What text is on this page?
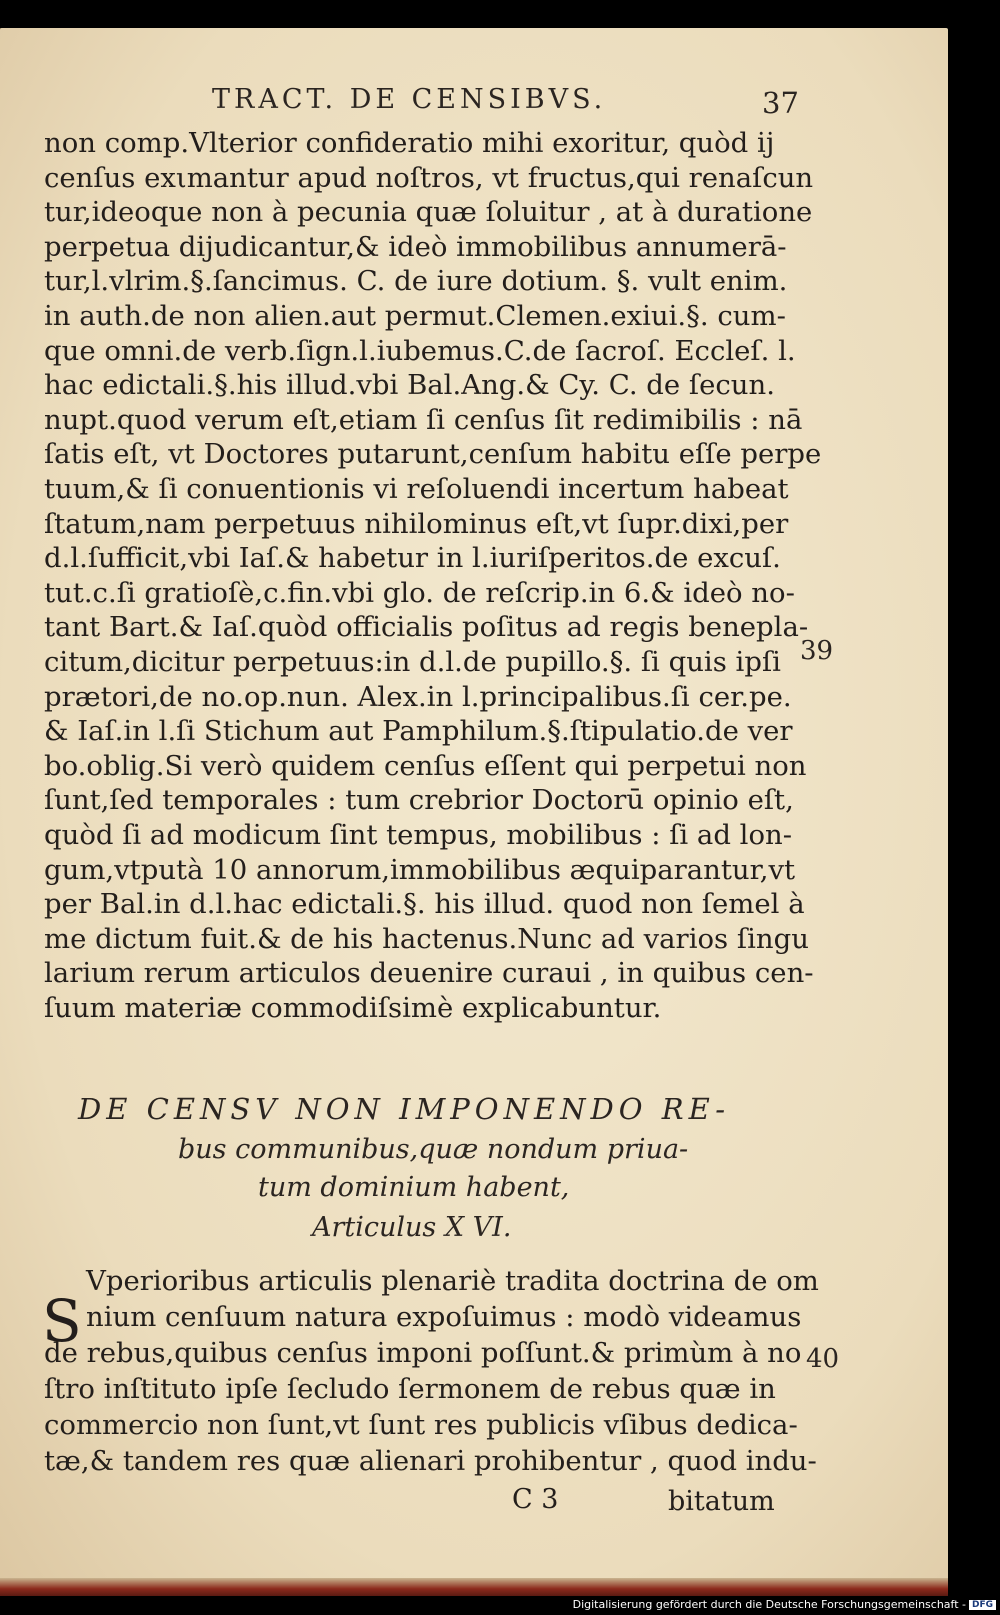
TRACT. DE CENSIBVS.	37
non comp.Vlterior confideratio mihi exoritur, quòd ij
cenſus exιmantur apud noſtros, vt fructus,qui renaſcun
tur,ideoque non à pecunia quæ ſoluitur , at à duratione
perpetua dijudicantur,& ideò immobilibus annumerā-
tur,l.vlrim.§.ſancimus. C. de iure dotium. §. vult enim.
in auth.de non alien.aut permut.Clemen.exiui.§. cum-
que omni.de verb.ſign.l.iubemus.C.de ſacroſ. Eccleſ. l.
hac edictali.§.his illud.vbi Bal.Ang.& Cy. C. de ſecun.
nupt.quod verum eſt,etiam ſi cenſus ſit redimibilis : nā
ſatis eſt, vt Doctores putarunt,cenſum habitu eſſe perpe
tuum,& ſi conuentionis vi reſoluendi incertum habeat
ſtatum,nam perpetuus nihilominus eſt,vt ſupr.dixi,per
d.l.ſufficit,vbi Iaſ.& habetur in l.iuriſperitos.de excuſ.
tut.c.ſi gratioſè,c.fin.vbi glo. de reſcrip.in 6.& ideò no-
tant Bart.& Iaſ.quòd officialis poſitus ad regis benepla-
citum,dicitur perpetuus:in d.l.de pupillo.§. ſi quis ipſi
prætori,de no.op.nun. Alex.in l.principalibus.ſi cer.pe.
& Iaſ.in l.ſi Stichum aut Pamphilum.§.ſtipulatio.de ver
bo.oblig.Si verò quidem cenſus eſſent qui perpetui non
ſunt,ſed temporales : tum crebrior Doctorū opinio eſt,
quòd ſi ad modicum ſint tempus, mobilibus : ſi ad lon-
gum,vtputà 10 annorum,immobilibus æquiparantur,vt
per Bal.in d.l.hac edictali.§. his illud. quod non ſemel à
me dictum fuit.& de his hactenus.Nunc ad varios ſingu
larium rerum articulos deuenire curaui , in quibus cen-
ſuum materiæ commodiſsimè explicabuntur.
39
40
DE CENSV NON IMPONENDO RE-
bus communibus,quæ nondum priua-
tum dominium habent,
Articulus X VI.
S
Vperioribus articulis plenariè tradita doctrina de om
nium cenſuum natura expoſuimus : modò videamus
de rebus,quibus cenſus imponi poſſunt.& primùm à no
ſtro inſtituto ipſe ſecludo ſermonem de rebus quæ in
commercio non ſunt,vt ſunt res publicis vſibus dedica-
tæ,& tandem res quæ alienari prohibentur , quod indu-
C 3	bitatum
Digitalisierung gefördert durch die Deutsche Forschungsgemeinschaft - DFG
